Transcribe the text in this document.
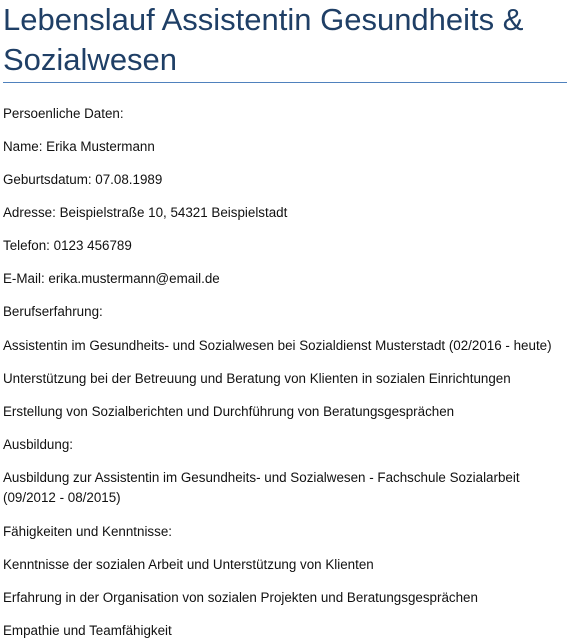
Lebenslauf Assistentin Gesundheits & Sozialwesen

Persoenliche Daten:

Name: Erika Mustermann

Geburtsdatum: 07.08.1989

Adresse: Beispielstraße 10, 54321 Beispielstadt

Telefon: 0123 456789

E-Mail: erika.mustermann@email.de

Berufserfahrung:

Assistentin im Gesundheits- und Sozialwesen bei Sozialdienst Musterstadt (02/2016 - heute)

Unterstützung bei der Betreuung und Beratung von Klienten in sozialen Einrichtungen

Erstellung von Sozialberichten und Durchführung von Beratungsgesprächen

Ausbildung:

Ausbildung zur Assistentin im Gesundheits- und Sozialwesen - Fachschule Sozialarbeit (09/2012 - 08/2015)

Fähigkeiten und Kenntnisse:

Kenntnisse der sozialen Arbeit und Unterstützung von Klienten

Erfahrung in der Organisation von sozialen Projekten und Beratungsgesprächen

Empathie und Teamfähigkeit
